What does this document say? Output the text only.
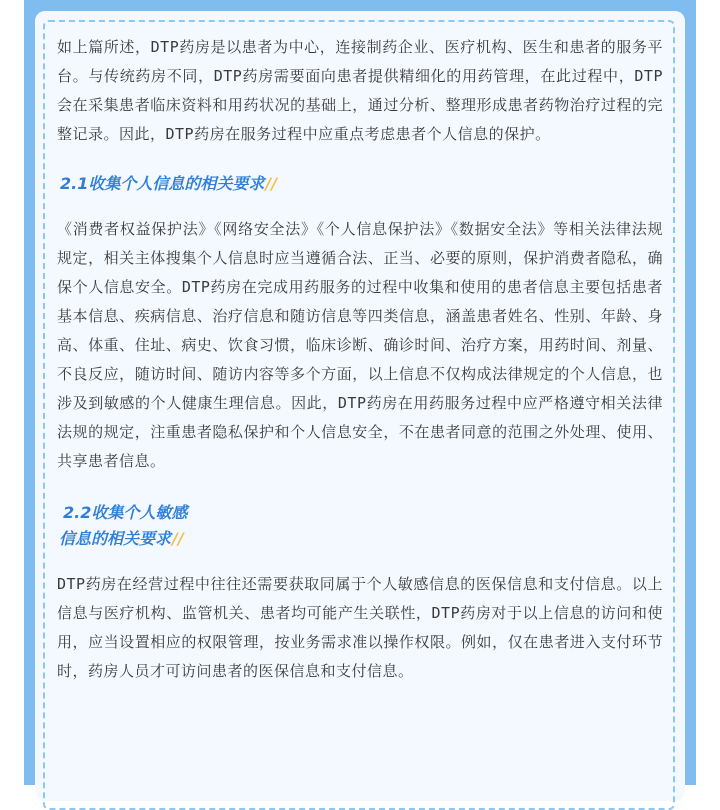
如上篇所述，DTP药房是以患者为中心，连接制药企业、医疗机构、医生和患者的服务平台。与传统药房不同，DTP药房需要面向患者提供精细化的用药管理，在此过程中，DTP会在采集患者临床资料和用药状况的基础上，通过分析、整理形成患者药物治疗过程的完整记录。因此，DTP药房在服务过程中应重点考虑患者个人信息的保护。

2.1收集个人信息的相关要求//

《消费者权益保护法》《网络安全法》《个人信息保护法》《数据安全法》等相关法律法规规定，相关主体搜集个人信息时应当遵循合法、正当、必要的原则，保护消费者隐私，确保个人信息安全。DTP药房在完成用药服务的过程中收集和使用的患者信息主要包括患者基本信息、疾病信息、治疗信息和随访信息等四类信息，涵盖患者姓名、性别、年龄、身高、体重、住址、病史、饮食习惯，临床诊断、确诊时间、治疗方案，用药时间、剂量、不良反应，随访时间、随访内容等多个方面，以上信息不仅构成法律规定的个人信息，也涉及到敏感的个人健康生理信息。因此，DTP药房在用药服务过程中应严格遵守相关法律法规的规定，注重患者隐私保护和个人信息安全，不在患者同意的范围之外处理、使用、共享患者信息。

2.2收集个人敏感
信息的相关要求//

DTP药房在经营过程中往往还需要获取同属于个人敏感信息的医保信息和支付信息。以上信息与医疗机构、监管机关、患者均可能产生关联性，DTP药房对于以上信息的访问和使用，应当设置相应的权限管理，按业务需求准以操作权限。例如，仅在患者进入支付环节时，药房人员才可访问患者的医保信息和支付信息。
